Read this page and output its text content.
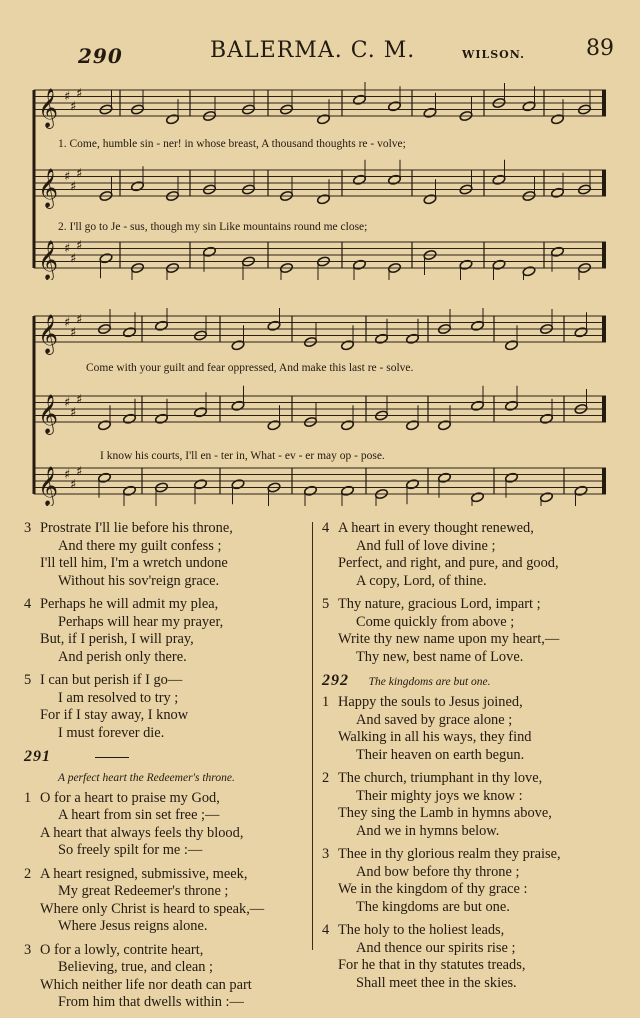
290	BALERMA. C. M.	WILSON.	89
𝄞 ♯
♯
♯
𝄞 ♯
♯
♯
𝄞 ♯
♯
♯
1. Come, humble sin - ner! in whose breast, A thousand thoughts re - volve;
2. I'll go to Je - sus, though my sin Like mountains round me close;
𝄞 ♯
♯
♯
𝄞 ♯
♯
♯
𝄞 ♯
♯
♯
Come with your guilt and fear oppressed, And make this last re - solve.
I know his courts, I'll en - ter in, What - ev - er may op - pose.
3 Prostrate I'll lie before his throne,
And there my guilt confess ;
I'll tell him, I'm a wretch undone
Without his sov'reign grace.
4 Perhaps he will admit my plea,
Perhaps will hear my prayer,
But, if I perish, I will pray,
And perish only there.
5 I can but perish if I go—
I am resolved to try ;
For if I stay away, I know
I must forever die.
291
A perfect heart the Redeemer's throne.
1 O for a heart to praise my God,
A heart from sin set free ;—
A heart that always feels thy blood,
So freely spilt for me :—
2 A heart resigned, submissive, meek,
My great Redeemer's throne ;
Where only Christ is heard to speak,—
Where Jesus reigns alone.
3 O for a lowly, contrite heart,
Believing, true, and clean ;
Which neither life nor death can part
From him that dwells within :—
4 A heart in every thought renewed,
And full of love divine ;
Perfect, and right, and pure, and good,
A copy, Lord, of thine.
5 Thy nature, gracious Lord, impart ;
Come quickly from above ;
Write thy new name upon my heart,—
Thy new, best name of Love.
292 The kingdoms are but one.
1 Happy the souls to Jesus joined,
And saved by grace alone ;
Walking in all his ways, they find
Their heaven on earth begun.
2 The church, triumphant in thy love,
Their mighty joys we know :
They sing the Lamb in hymns above,
And we in hymns below.
3 Thee in thy glorious realm they praise,
And bow before thy throne ;
We in the kingdom of thy grace :
The kingdoms are but one.
4 The holy to the holiest leads,
And thence our spirits rise ;
For he that in thy statutes treads,
Shall meet thee in the skies.
